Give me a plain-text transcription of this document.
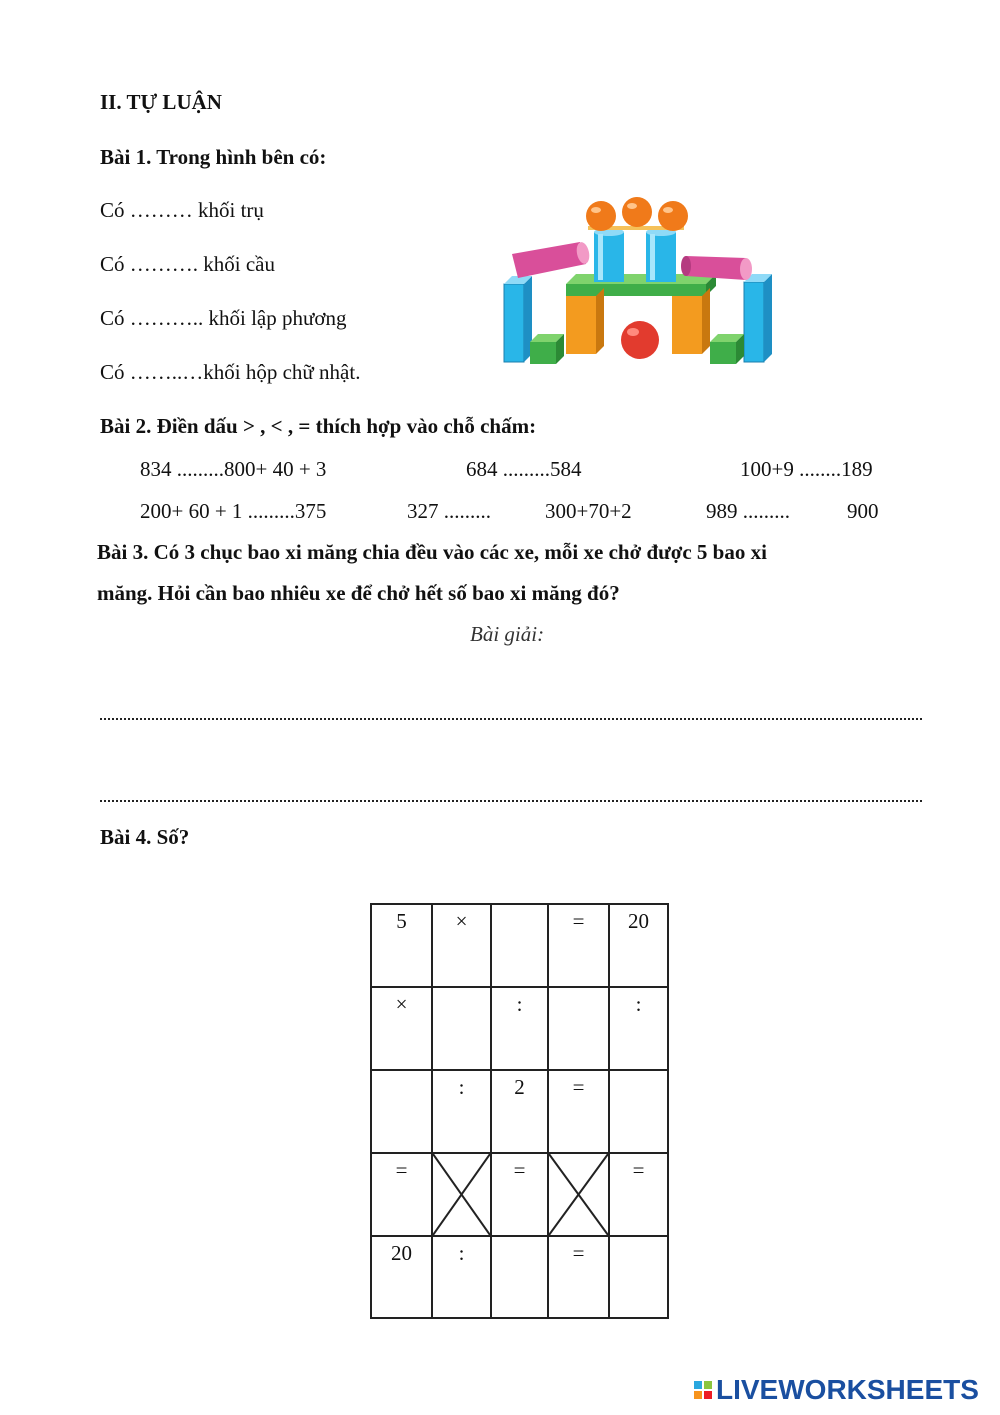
II. TỰ LUẬN
Bài 1. Trong hình bên có:
Có ……… khối trụ
Có ………. khối cầu
Có ……….. khối lập phương
Có ……..…khối hộp chữ nhật.
Bài 2. Điền dấu > , < , = thích hợp vào chỗ chấm:
834 .........800+ 40 + 3	684 .........584	100+9 ........189
200+ 60 + 1 .........375	327 .........	300+70+2	989 .........	900
Bài 3. Có 3 chục bao xi măng chia đều vào các xe, mỗi xe chở được 5 bao xi
măng. Hỏi cần bao nhiêu xe để chở hết số bao xi măng đó?
Bài giải:
Bài 4. Số?
5	×		=	20
×		:		:
	:	2	=	
=		=		=
20	:		=	
LIVEWORKSHEETS
